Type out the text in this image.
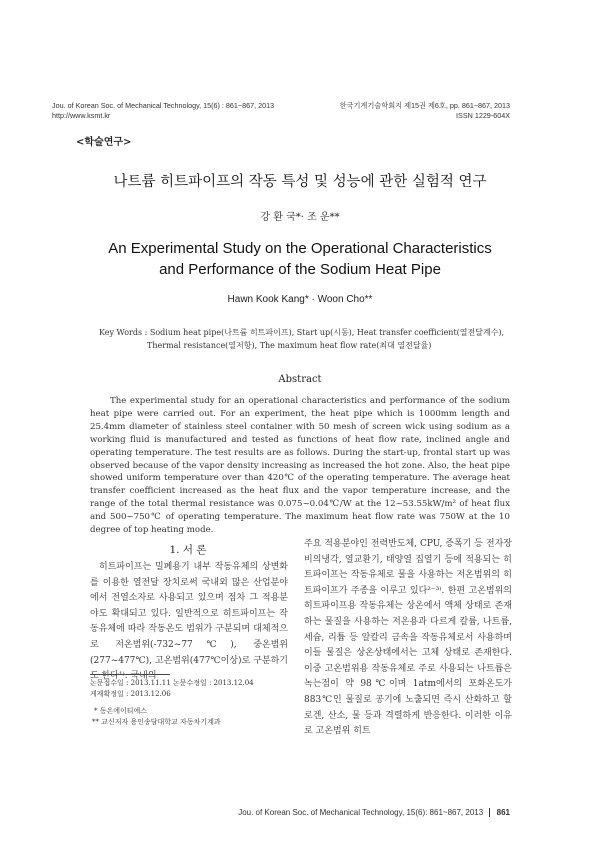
Jou. of Korean Soc. of Mechanical Technology, 15(6) : 861~867, 2013
http://www.ksmt.kr
한국기계기술학회지 제15권 제6호, pp. 861~867, 2013
ISSN 1229-604X
<학술연구>
나트륨 히트파이프의 작동 특성 및 성능에 관한 실험적 연구
강 환 국*· 조 운**
An Experimental Study on the Operational Characteristics
and Performance of the Sodium Heat Pipe
Hawn Kook Kang* · Woon Cho**
Key Words : Sodium heat pipe(나트륨 히트파이프), Start up(시동), Heat transfer coefficient(열전달계수),
Thermal resistance(열저항), The maximum heat flow rate(최대 열전달율)
Abstract
The experimental study for an operational characteristics and performance of the sodium heat pipe were carried out. For an experiment, the heat pipe which is 1000mm length and 25.4mm diameter of stainless steel container with 50 mesh of screen wick using sodium as a working fluid is manufactured and tested as functions of heat flow rate, inclined angle and operating temperature. The test results are as follows. During the start-up, frontal start up was observed because of the vapor density increasing as increased the hot zone. Also, the heat pipe showed uniform temperature over than 420℃ of the operating temperature. The average heat transfer coefficient increased as the heat flux and the vapor temperature increase, and the range of the total thermal resistance was 0.075~0.04℃/W at the 12~53.55kW/m² of heat flux and 500~750℃ of operating temperature. The maximum heat flow rate was 750W at the 10 degree of top heating mode.
1. 서 론

히트파이프는 밀폐용기 내부 작동유체의 상변화를 이용한 열전달 장치로써 국내외 많은 산업분야에서 전열소자로 사용되고 있으며 점차 그 적용분야도 확대되고 있다. 일반적으로 히트파이프는 작동유체에 따라 작동온도 범위가 구분되며 대체적으로 저온범위(-732~77℃), 중온범위(277~477℃), 고온범위(477℃이상)로 구분하기도 한다¹⁾. 국내의

논문접수일 : 2013.11.11 논문수정일 : 2013.12.04
게재확정일 : 2013.12.06
* 동온에이티에스
** 교신저자 용인송담대학교 자동차기계과

주요 적용분야인 전력반도체, CPU, 증폭기 등 전자장비의냉각, 열교환기, 태양열 집열기 등에 적용되는 히트파이프는 작동유체로 물을 사용하는 저온범위의 히트파이프가 주종을 이루고 있다²⁻³⁾. 한편 고온범위의 히트파이프용 작동유체는 상온에서 액체 상태로 존재하는 물질을 사용하는 저온용과 다르게 칼륨, 나트륨, 세슘, 리튬 등 알칼리 금속을 작동유체로서 사용하며 이들 물질은 상온상태에서는 고체 상태로 존재한다. 이중 고온범위용 작동유체로 주로 사용되는 나트륨은 녹는점이 약 98℃이며 1atm에서의 포화온도가 883℃인 물질로 공기에 노출되면 즉시 산화하고 할로겐, 산소, 물 등과 격렬하게 반응한다. 이러한 이유로 고온범위 히트

Jou. of Korean Soc. of Mechanical Technology, 15(6): 861~867, 2013 861
